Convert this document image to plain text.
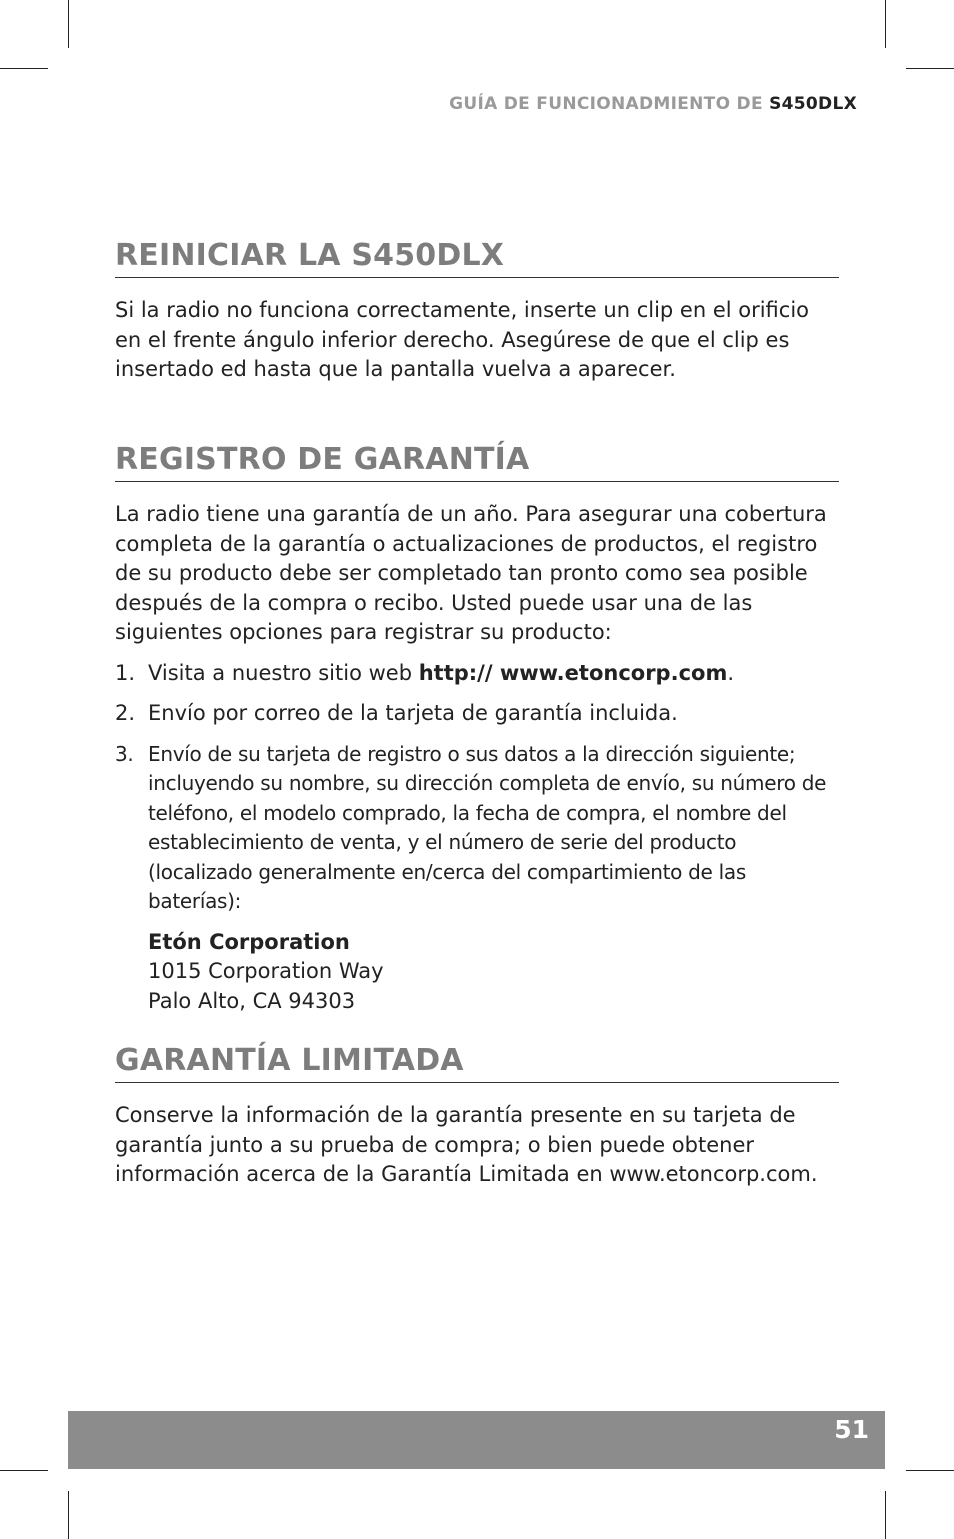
GUÍA DE FUNCIONADMIENTO DE S450DLX
REINICIAR LA S450DLX

Si la radio no funciona correctamente, inserte un clip en el orificio en el frente ángulo inferior derecho. Asegúrese de que el clip es insertado ed hasta que la pantalla vuelva a aparecer.

REGISTRO DE GARANTÍA

La radio tiene una garantía de un año. Para asegurar una cobertura completa de la garantía o actualizaciones de productos, el registro de su producto debe ser completado tan pronto como sea posible después de la compra o recibo. Usted puede usar una de las siguientes opciones para registrar su producto:

1. Visita a nuestro sitio web http:// www.etoncorp.com.
2. Envío por correo de la tarjeta de garantía incluida.
3. Envío de su tarjeta de registro o sus datos a la dirección siguiente; incluyendo su nombre, su dirección completa de envío, su número de teléfono, el modelo comprado, la fecha de compra, el nombre del establecimiento de venta, y el número de serie del producto (localizado generalmente en/cerca del compartimiento de las baterías):
Etón Corporation
1015 Corporation Way
Palo Alto, CA 94303
GARANTÍA LIMITADA

Conserve la información de la garantía presente en su tarjeta de garantía junto a su prueba de compra; o bien puede obtener información acerca de la Garantía Limitada en www.etoncorp.com.

51
